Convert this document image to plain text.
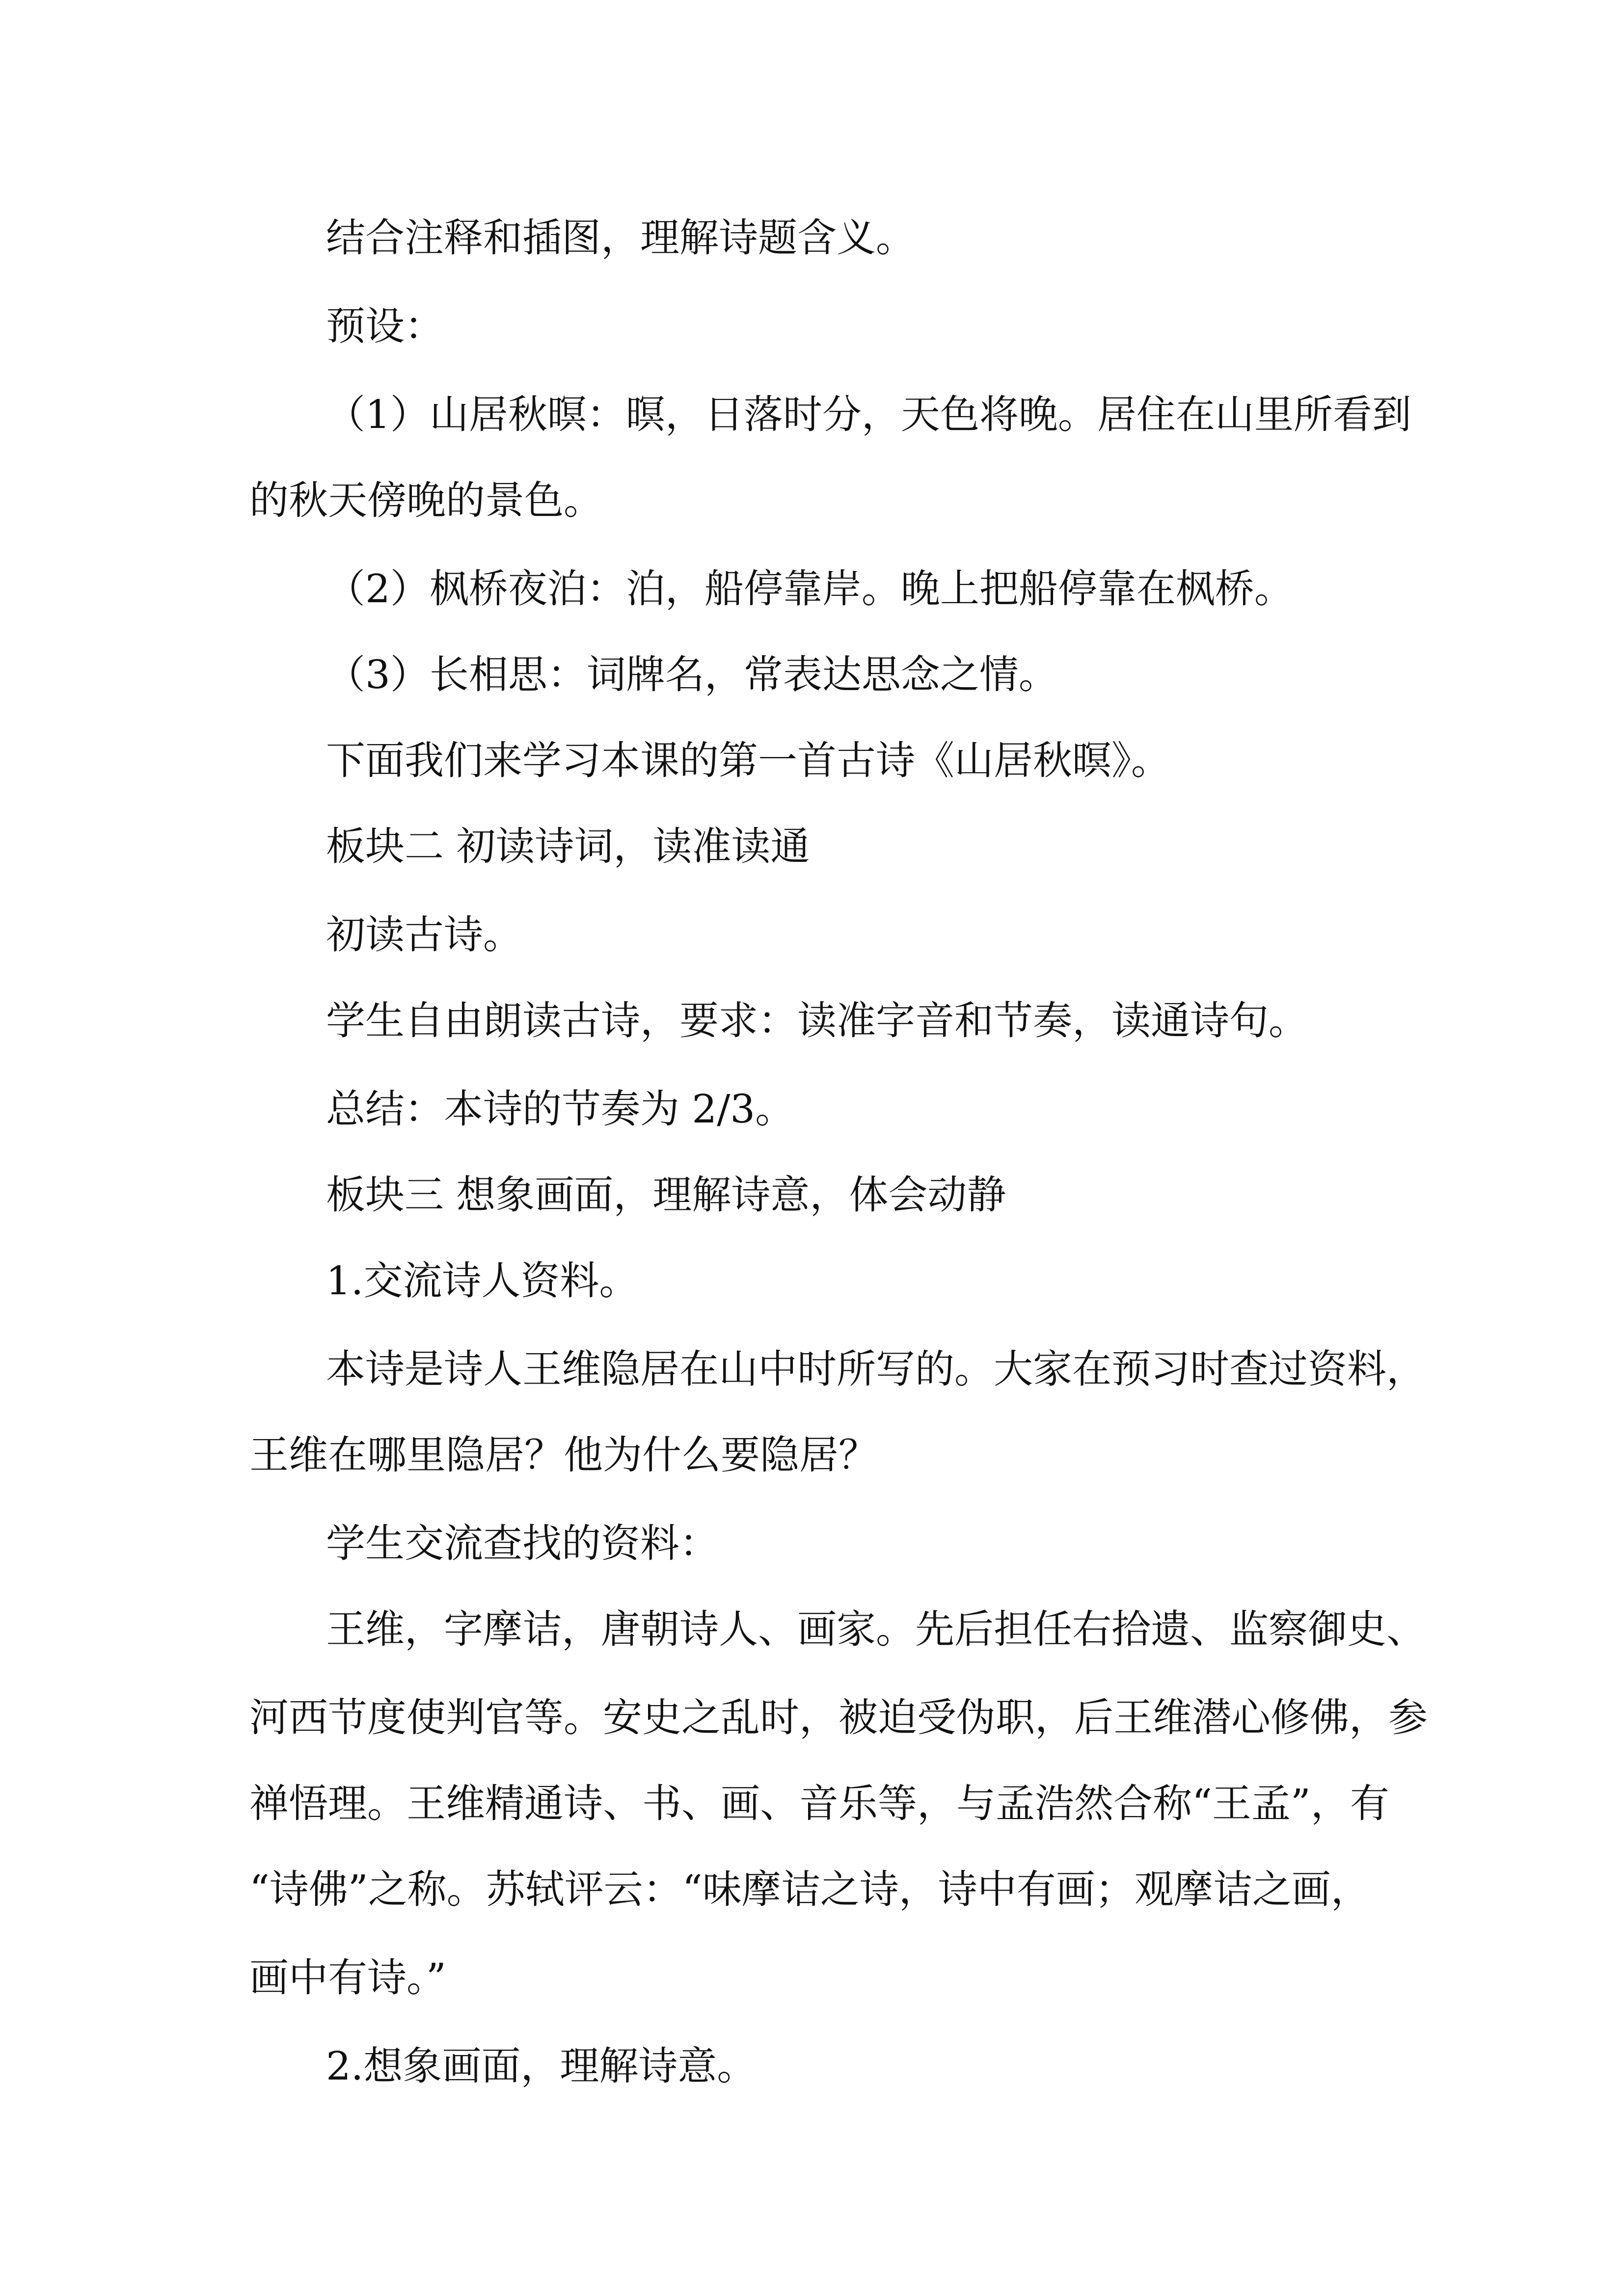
结合注释和插图，理解诗题含义。
预设：
（1）山居秋暝：暝，日落时分，天色将晚。居住在山里所看到
的秋天傍晚的景色。
（2）枫桥夜泊：泊，船停靠岸。晚上把船停靠在枫桥。
（3）长相思：词牌名，常表达思念之情。
下面我们来学习本课的第一首古诗《山居秋暝》。
板块二 初读诗词，读准读通
初读古诗。
学生自由朗读古诗，要求：读准字音和节奏，读通诗句。
总结：本诗的节奏为 2/3。
板块三 想象画面，理解诗意，体会动静
1.交流诗人资料。
本诗是诗人王维隐居在山中时所写的。大家在预习时查过资料，
王维在哪里隐居？他为什么要隐居？
学生交流查找的资料：
王维，字摩诘，唐朝诗人、画家。先后担任右拾遗、监察御史、
河西节度使判官等。安史之乱时，被迫受伪职，后王维潜心修佛，参
禅悟理。王维精通诗、书、画、音乐等，与孟浩然合称“王孟”，有
“诗佛”之称。苏轼评云：“味摩诘之诗，诗中有画；观摩诘之画，
画中有诗。”
2.想象画面，理解诗意。
